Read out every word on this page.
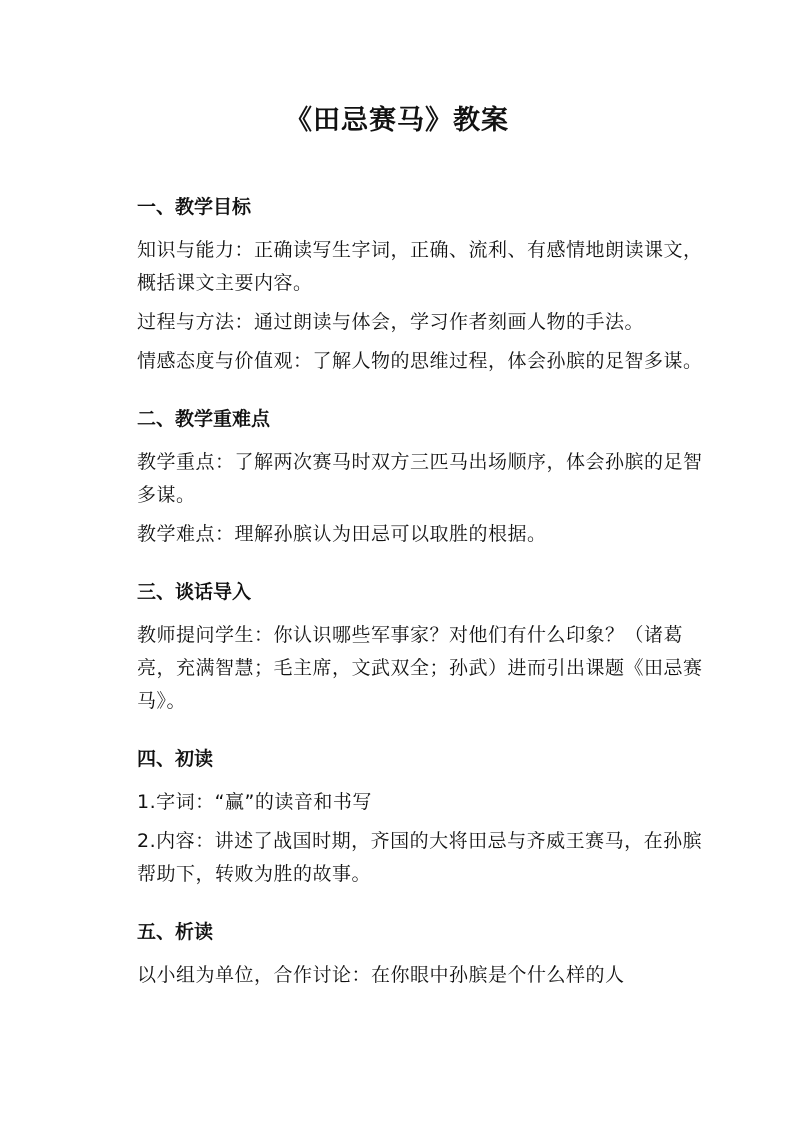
《田忌赛马》教案
一、教学目标
知识与能力：正确读写生字词，正确、流利、有感情地朗读课文，概括课文主要内容。
过程与方法：通过朗读与体会，学习作者刻画人物的手法。
情感态度与价值观：了解人物的思维过程，体会孙膑的足智多谋。
二、教学重难点
教学重点：了解两次赛马时双方三匹马出场顺序，体会孙膑的足智多谋。
教学难点：理解孙膑认为田忌可以取胜的根据。
三、谈话导入
教师提问学生：你认识哪些军事家？对他们有什么印象？（诸葛亮，充满智慧；毛主席，文武双全；孙武）进而引出课题《田忌赛马》。
四、初读
1.字词：“赢”的读音和书写
2.内容：讲述了战国时期，齐国的大将田忌与齐威王赛马，在孙膑帮助下，转败为胜的故事。
五、析读
以小组为单位，合作讨论：在你眼中孙膑是个什么样的人
